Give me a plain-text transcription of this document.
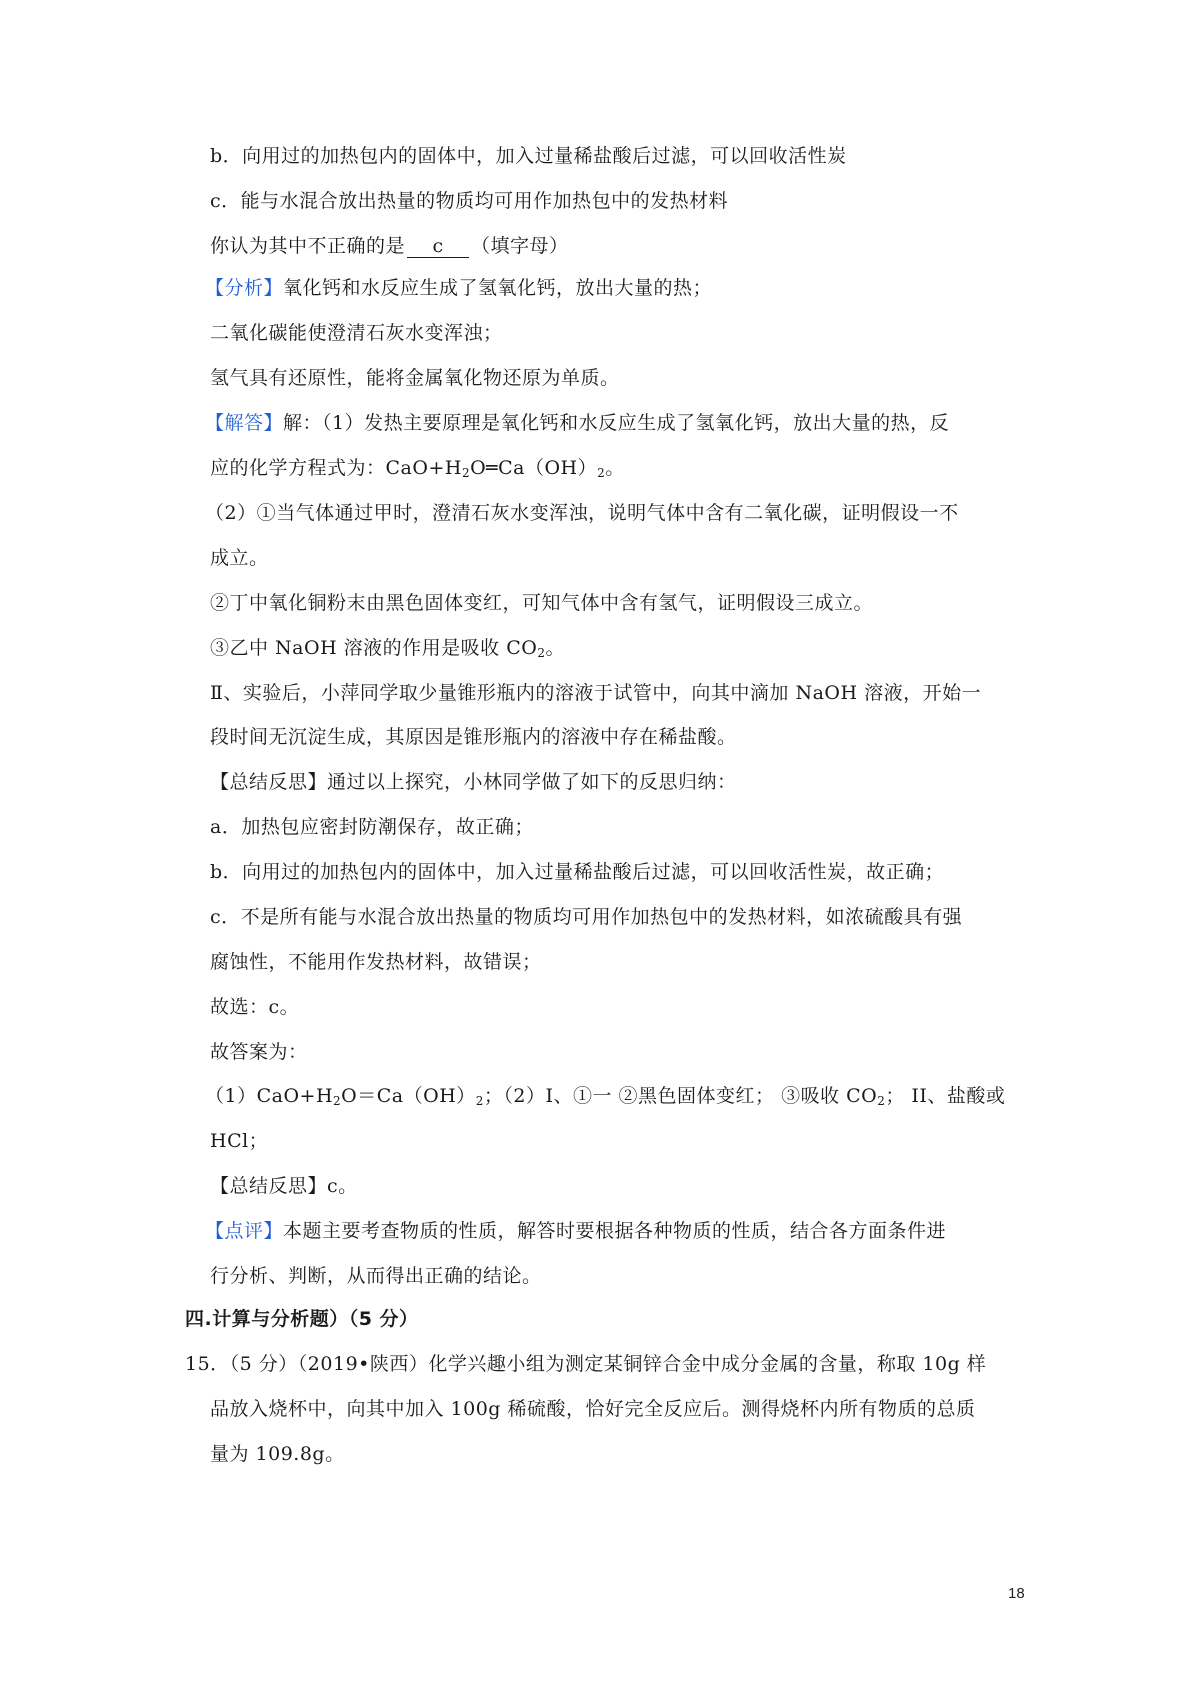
b．向用过的加热包内的固体中，加入过量稀盐酸后过滤，可以回收活性炭
c．能与水混合放出热量的物质均可用作加热包中的发热材料
你认为其中不正确的是 c （填字母）
【分析】氧化钙和水反应生成了氢氧化钙，放出大量的热；
二氧化碳能使澄清石灰水变浑浊；
氢气具有还原性，能将金属氧化物还原为单质。
【解答】解：（1）发热主要原理是氧化钙和水反应生成了氢氧化钙，放出大量的热，反
应的化学方程式为：$CaO+H_2O═Ca(OH)_2$。
（2）①当气体通过甲时，澄清石灰水变浑浊，说明气体中含有二氧化碳，证明假设一不
成立。
②丁中氧化铜粉末由黑色固体变红，可知气体中含有氢气，证明假设三成立。
③乙中 NaOH 溶液的作用是吸收 $CO_2$。
Ⅱ、实验后，小萍同学取少量锥形瓶内的溶液于试管中，向其中滴加 NaOH 溶液，开始一
段时间无沉淀生成，其原因是锥形瓶内的溶液中存在稀盐酸。
【总结反思】通过以上探究，小林同学做了如下的反思归纳：
a．加热包应密封防潮保存，故正确；
b．向用过的加热包内的固体中，加入过量稀盐酸后过滤，可以回收活性炭，故正确；
c．不是所有能与水混合放出热量的物质均可用作加热包中的发热材料，如浓硫酸具有强
腐蚀性，不能用作发热材料，故错误；
故选：c。
故答案为：
$(1)CaO+H_2O=Ca(OH)_2$；（2）I、①一 ②黑色固体变红； ③吸收 $CO_2$； II、盐酸或
HCl；
【总结反思】c。
【点评】本题主要考查物质的性质，解答时要根据各种物质的性质，结合各方面条件进
行分析、判断，从而得出正确的结论。
四.计算与分析题）（5 分）
15．（5 分）（2019•陕西）化学兴趣小组为测定某铜锌合金中成分金属的含量，称取 10g 样
品放入烧杯中，向其中加入 100g 稀硫酸，恰好完全反应后。测得烧杯内所有物质的总质
量为 109.8g。
18
